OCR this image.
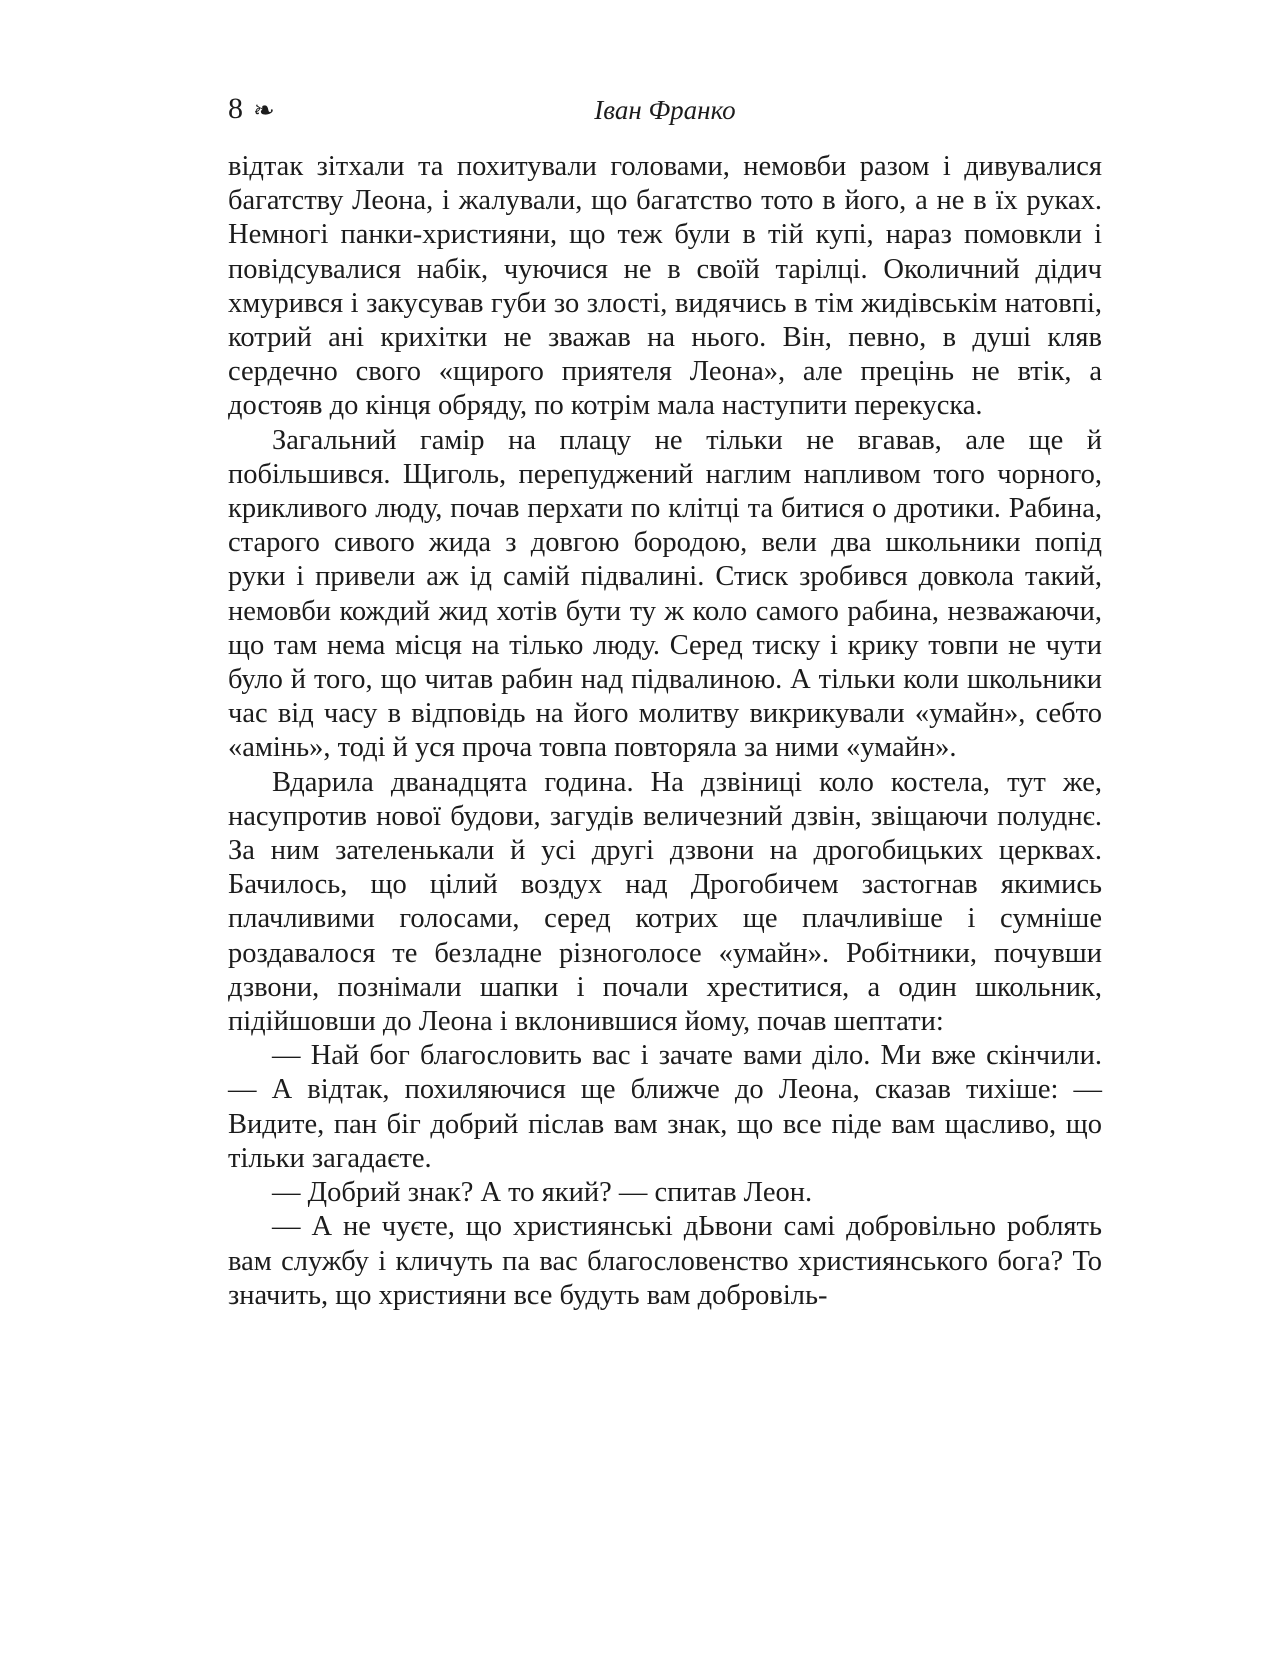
8 ❧	Іван Франко

відтак зітхали та похитували головами, немовби разом і дивувалися багатству Леона, і жалували, що багатство тото в його, а не в їх руках. Немногі панки-християни, що теж були в тій купі, нараз помовкли і повідсувалися набік, чуючися не в своїй тарілці. Околичний дідич хмурився і закусував губи зо злості, видячись в тім жидівськім натовпі, котрий ані крихітки не зважав на нього. Він, певно, в душі кляв сердечно свого «щирого приятеля Леона», але прецінь не втік, а достояв до кінця обряду, по котрім мала наступити перекуска.

Загальний гамір на плацу не тільки не вгавав, але ще й побільшився. Щиголь, перепуджений наглим напливом того чорного, крикливого люду, почав перхати по клітці та битися о дротики. Рабина, старого сивого жида з довгою бородою, вели два школьники попід руки і привели аж ід самій підвалині. Стиск зробився довкола такий, немовби кождий жид хотів бути ту ж коло самого рабина, незважаючи, що там нема місця на тілько люду. Серед тиску і крику товпи не чути було й того, що читав рабин над підвалиною. А тільки коли школьники час від часу в відповідь на його молитву викрикували «умайн», себто «амінь», тоді й уся проча товпа повторяла за ними «умайн».

Вдарила дванадцята година. На дзвіниці коло костела, тут же, насупротив нової будови, загудів величезний дзвін, звіщаючи полуднє. За ним зателенькали й усі другі дзвони на дрогобицьких церквах. Бачилось, що цілий воздух над Дрогобичем застогнав якимись плачливими голосами, серед котрих ще плачливіше і сумніше роздавалося те безладне різноголосе «умайн». Робітники, почувши дзвони, познімали шапки і почали хреститися, а один школьник, підійшовши до Леона і вклонившися йому, почав шептати:

— Най бог благословить вас і зачате вами діло. Ми вже скінчили. — А відтак, похиляючися ще ближче до Леона, сказав тихіше: — Видите, пан біг добрий післав вам знак, що все піде вам щасливо, що тільки загадаєте.

— Добрий знак? А то який? — спитав Леон.

— А не чуєте, що християнські дЬвони самі добровільно роблять вам службу і кличуть па вас благословенство християнського бога? То значить, що християни все будуть вам добровіль-
